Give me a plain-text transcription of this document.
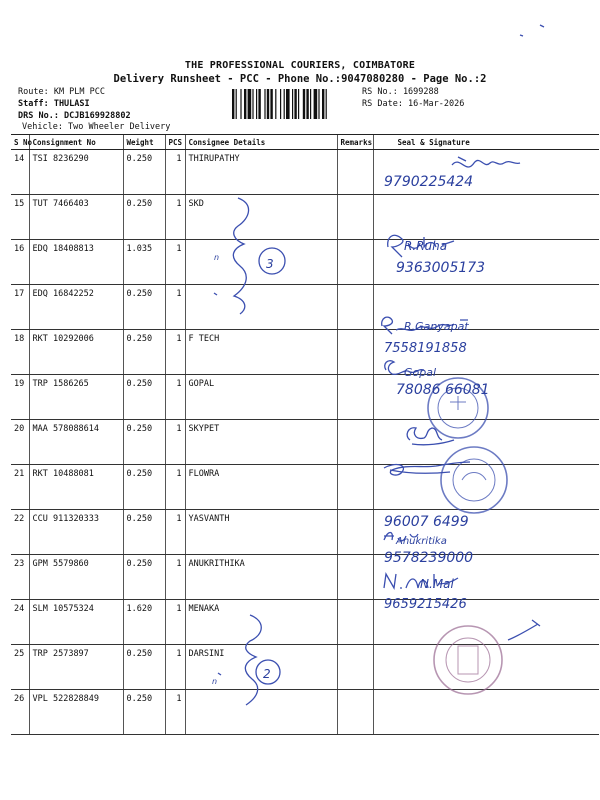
THE PROFESSIONAL COURIERS, COIMBATORE
Delivery Runsheet - PCC - Phone No.:9047080280 - Page No.:2
Route: KM PLM PCC
Staff: THULASI
DRS No.: DCJB169928802
Vehicle: Two Wheeler Delivery
RS No.: 1699288
RS Date: 16-Mar-2026
S No	Consignment No	Weight	PCS	Consignee Details	Remarks	Seal & Signature
14	TSI 8236290	0.250	1	THIRUPATHY		
15	TUT 7466403	0.250	1	SKD		
16	EDQ 18408813	1.035	1			
17	EDQ 16842252	0.250	1			
18	RKT 10292006	0.250	1	F TECH		
19	TRP 1586265	0.250	1	GOPAL		
20	MAA 578088614	0.250	1	SKYPET		
21	RKT 10488081	0.250	1	FLOWRA		
22	CCU 911320333	0.250	1	YASVANTH		
23	GPM 5579860	0.250	1	ANUKRITHIKA		
24	SLM 10575324	1.620	1	MENAKA		
25	TRP 2573897	0.250	1	DARSINI		
26	VPL 522828849	0.250	1			
9790225424
R.Ruha
9363005173
R.Ganyapat
7558191858
Gopal
78086 66081
96007 6499
Anukritika
9578239000
N.Mal
9659215426
3
2
n
n
